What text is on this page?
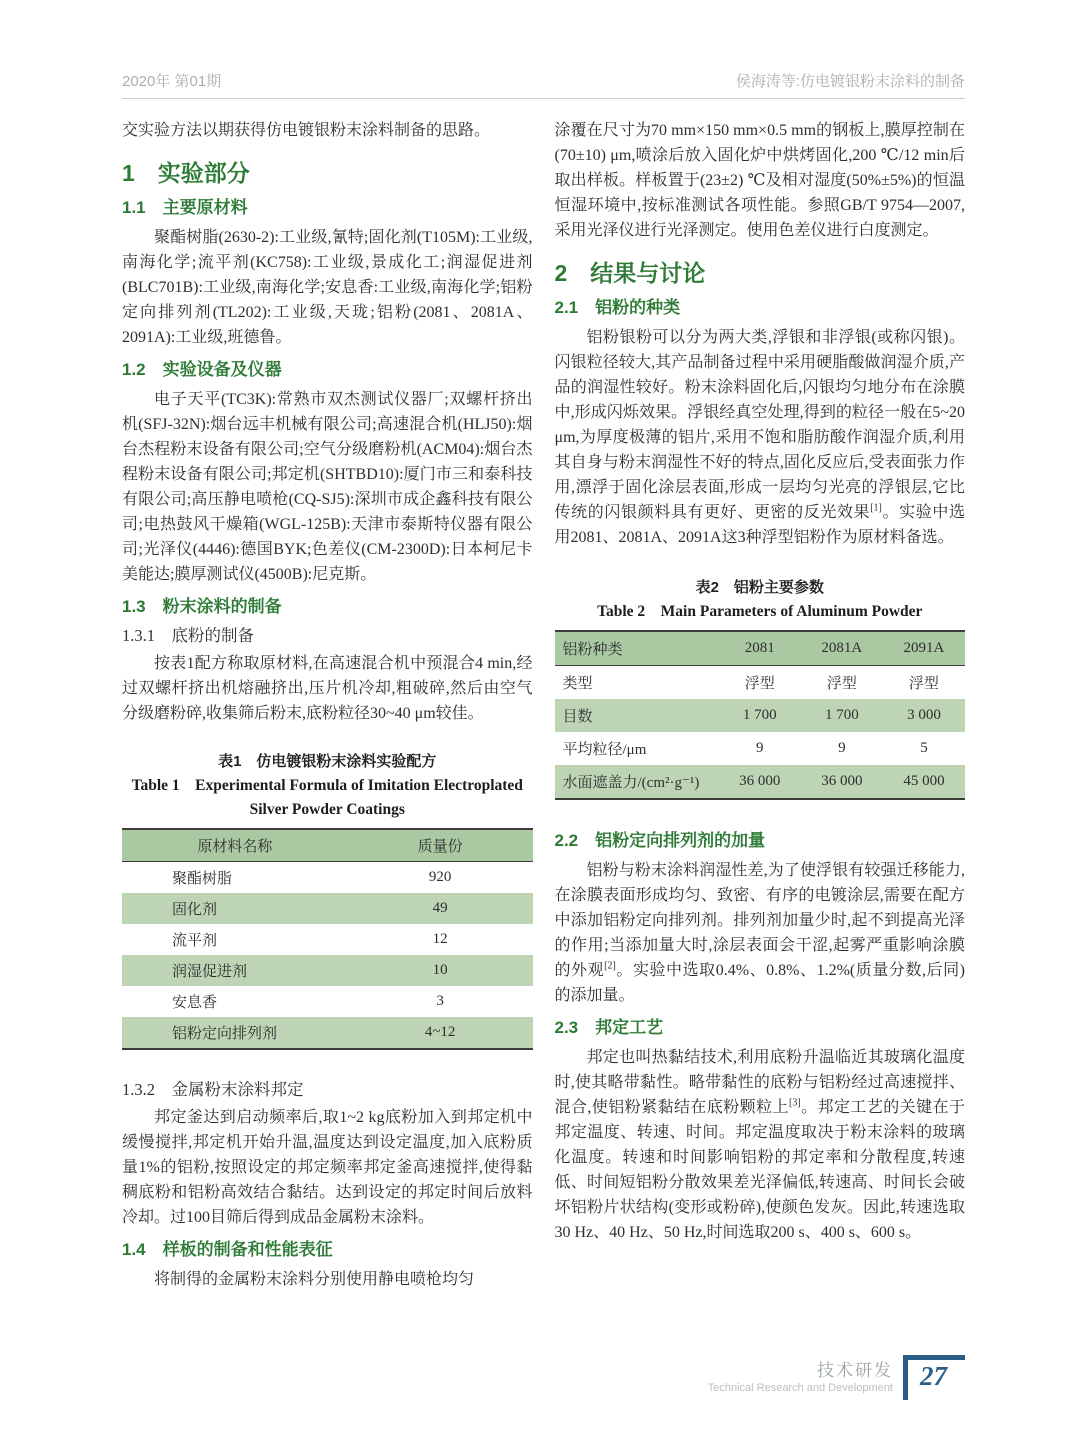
2020年 第01期	侯海涛等:仿电镀银粉末涂料的制备

交实验方法以期获得仿电镀银粉末涂料制备的思路。

1　实验部分
1.1　主要原材料

聚酯树脂(2630-2):工业级,氰特;固化剂(T105M):工业级,南海化学;流平剂(KC758):工业级,景成化工;润湿促进剂(BLC701B):工业级,南海化学;安息香:工业级,南海化学;铝粉定向排列剂(TL202):工业级,天珑;铝粉(2081、2081A、2091A):工业级,班德鲁。

1.2　实验设备及仪器

电子天平(TC3K):常熟市双杰测试仪器厂;双螺杆挤出机(SFJ-32N):烟台远丰机械有限公司;高速混合机(HLJ50):烟台杰程粉末设备有限公司;空气分级磨粉机(ACM04):烟台杰程粉末设备有限公司;邦定机(SHTBD10):厦门市三和泰科技有限公司;高压静电喷枪(CQ-SJ5):深圳市成企鑫科技有限公司;电热鼓风干燥箱(WGL-125B):天津市泰斯特仪器有限公司;光泽仪(4446):德国BYK;色差仪(CM-2300D):日本柯尼卡美能达;膜厚测试仪(4500B):尼克斯。

1.3　粉末涂料的制备
1.3.1　底粉的制备

按表1配方称取原材料,在高速混合机中预混合4 min,经过双螺杆挤出机熔融挤出,压片机冷却,粗破碎,然后由空气分级磨粉碎,收集筛后粉末,底粉粒径30~40 μm较佳。

表1　仿电镀银粉末涂料实验配方
Table 1　Experimental Formula of Imitation Electroplated
Silver Powder Coatings
原材料名称	质量份
聚酯树脂	920
固化剂	49
流平剂	12
润湿促进剂	10
安息香	3
铝粉定向排列剂	4~12
1.3.2　金属粉末涂料邦定

邦定釜达到启动频率后,取1~2 kg底粉加入到邦定机中缓慢搅拌,邦定机开始升温,温度达到设定温度,加入底粉质量1%的铝粉,按照设定的邦定频率邦定釜高速搅拌,使得黏稠底粉和铝粉高效结合黏结。达到设定的邦定时间后放料冷却。过100目筛后得到成品金属粉末涂料。

1.4　样板的制备和性能表征

将制得的金属粉末涂料分别使用静电喷枪均匀

涂覆在尺寸为70 mm×150 mm×0.5 mm的钢板上,膜厚控制在(70±10) μm,喷涂后放入固化炉中烘烤固化,200 ℃/12 min后取出样板。样板置于(23±2) ℃及相对湿度(50%±5%)的恒温恒湿环境中,按标准测试各项性能。参照GB/T 9754—2007,采用光泽仪进行光泽测定。使用色差仪进行白度测定。

2　结果与讨论
2.1　铝粉的种类

铝粉银粉可以分为两大类,浮银和非浮银(或称闪银)。闪银粒径较大,其产品制备过程中采用硬脂酸做润湿介质,产品的润湿性较好。粉末涂料固化后,闪银均匀地分布在涂膜中,形成闪烁效果。浮银经真空处理,得到的粒径一般在5~20 μm,为厚度极薄的铝片,采用不饱和脂肪酸作润湿介质,利用其自身与粉末润湿性不好的特点,固化反应后,受表面张力作用,漂浮于固化涂层表面,形成一层均匀光亮的浮银层,它比传统的闪银颜料具有更好、更密的反光效果[1]。实验中选用2081、2081A、2091A这3种浮型铝粉作为原材料备选。

表2　铝粉主要参数
Table 2　Main Parameters of Aluminum Powder
铝粉种类	2081	2081A	2091A
类型	浮型	浮型	浮型
目数	1 700	1 700	3 000
平均粒径/μm	9	9	5
水面遮盖力/(cm²·g⁻¹)	36 000	36 000	45 000
2.2　铝粉定向排列剂的加量

铝粉与粉末涂料润湿性差,为了使浮银有较强迁移能力,在涂膜表面形成均匀、致密、有序的电镀涂层,需要在配方中添加铝粉定向排列剂。排列剂加量少时,起不到提高光泽的作用;当添加量大时,涂层表面会干涩,起雾严重影响涂膜的外观[2]。实验中选取0.4%、0.8%、1.2%(质量分数,后同)的添加量。

2.3　邦定工艺

邦定也叫热黏结技术,利用底粉升温临近其玻璃化温度时,使其略带黏性。略带黏性的底粉与铝粉经过高速搅拌、混合,使铝粉紧黏结在底粉颗粒上[3]。邦定工艺的关键在于邦定温度、转速、时间。邦定温度取决于粉末涂料的玻璃化温度。转速和时间影响铝粉的邦定率和分散程度,转速低、时间短铝粉分散效果差光泽偏低,转速高、时间长会破坏铝粉片状结构(变形或粉碎),使颜色发灰。因此,转速选取30 Hz、40 Hz、50 Hz,时间选取200 s、400 s、600 s。

技术研发
Technical Research and Development	27
